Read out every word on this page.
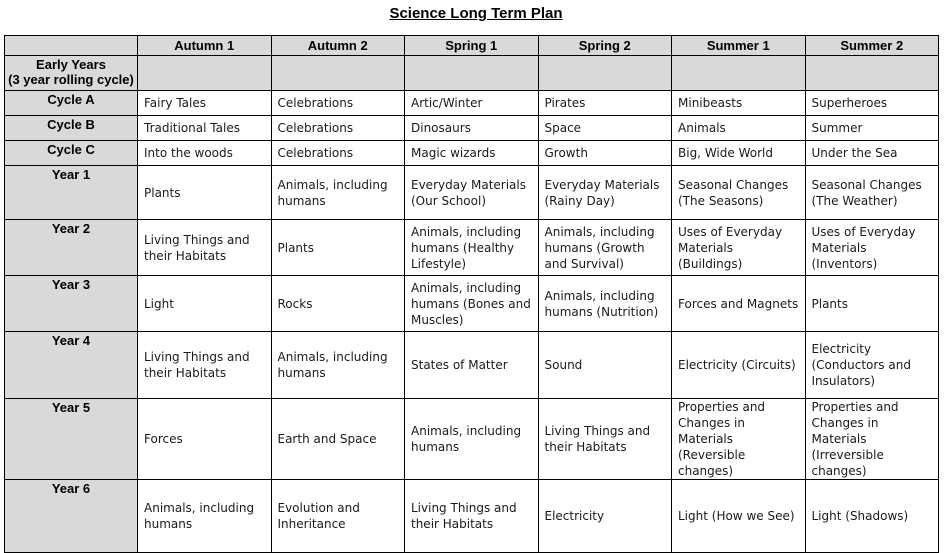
Science Long Term Plan
	Autumn 1	Autumn 2	Spring 1	Spring 2	Summer 1	Summer 2

Early Years
(3 year rolling cycle)						

Cycle A	Fairy Tales	Celebrations	Artic/Winter	Pirates	Minibeasts	Superheroes
Cycle B	Traditional Tales	Celebrations	Dinosaurs	Space	Animals	Summer
Cycle C	Into the woods	Celebrations	Magic wizards	Growth	Big, Wide World	Under the Sea
Year 1	Plants	Animals, including humans	Everyday Materials (Our School)	Everyday Materials (Rainy Day)	Seasonal Changes (The Seasons)	Seasonal Changes (The Weather)
Year 2	Living Things and their Habitats	Plants	Animals, including humans (Healthy Lifestyle)	Animals, including humans (Growth and Survival)	Uses of Everyday Materials (Buildings)	Uses of Everyday Materials (Inventors)
Year 3	Light	Rocks	Animals, including humans (Bones and Muscles)	Animals, including humans (Nutrition)	Forces and Magnets	Plants
Year 4	Living Things and their Habitats	Animals, including humans	States of Matter	Sound	Electricity (Circuits)	Electricity (Conductors and Insulators)
Year 5	Forces	Earth and Space	Animals, including humans	Living Things and their Habitats	Properties and Changes in Materials (Reversible changes)	Properties and Changes in Materials (Irreversible changes)
Year 6	Animals, including humans	Evolution and Inheritance	Living Things and their Habitats	Electricity	Light (How we See)	Light (Shadows)
